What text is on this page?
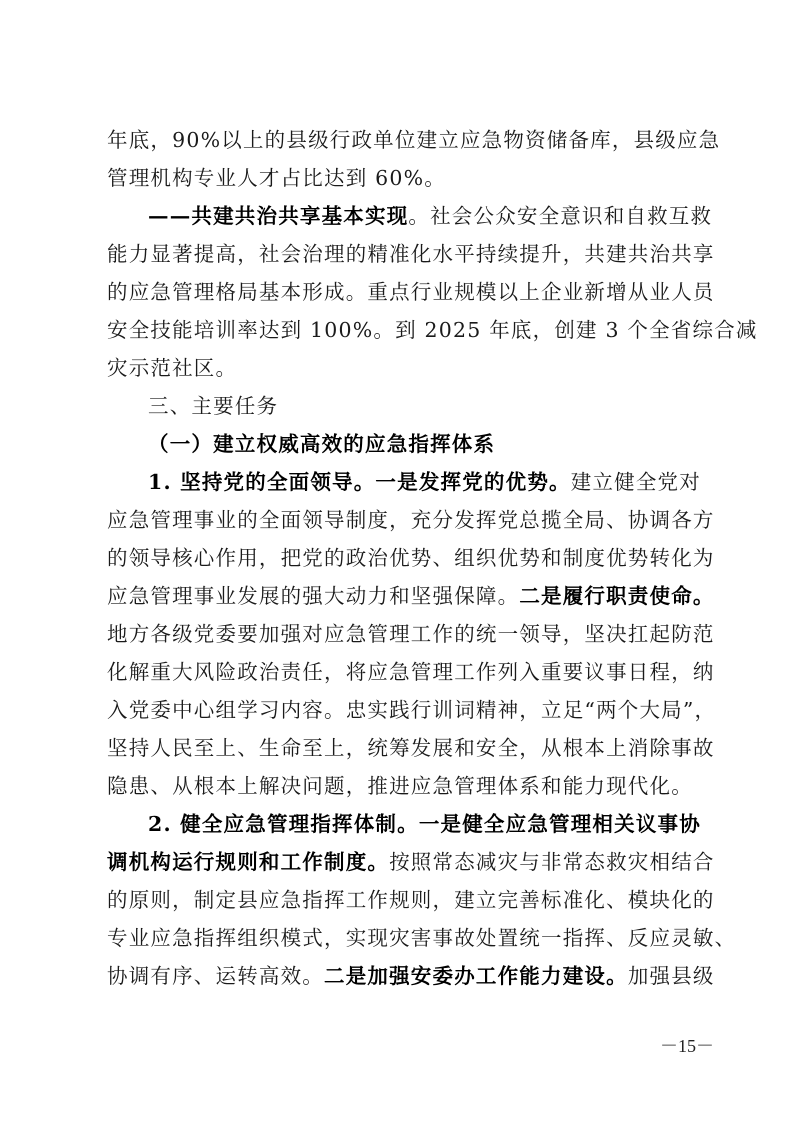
年底，90%以上的县级行政单位建立应急物资储备库，县级应急
管理机构专业人才占比达到 60%。
——共建共治共享基本实现。社会公众安全意识和自救互救
能力显著提高，社会治理的精准化水平持续提升，共建共治共享
的应急管理格局基本形成。重点行业规模以上企业新增从业人员
安全技能培训率达到 100%。到 2025 年底，创建 3 个全省综合减
灾示范社区。
三、主要任务
（一）建立权威高效的应急指挥体系
1. 坚持党的全面领导。一是发挥党的优势。建立健全党对
应急管理事业的全面领导制度，充分发挥党总揽全局、协调各方
的领导核心作用，把党的政治优势、组织优势和制度优势转化为
应急管理事业发展的强大动力和坚强保障。二是履行职责使命。
地方各级党委要加强对应急管理工作的统一领导，坚决扛起防范
化解重大风险政治责任，将应急管理工作列入重要议事日程，纳
入党委中心组学习内容。忠实践行训词精神，立足“两个大局”，
坚持人民至上、生命至上，统筹发展和安全，从根本上消除事故
隐患、从根本上解决问题，推进应急管理体系和能力现代化。
2. 健全应急管理指挥体制。一是健全应急管理相关议事协
调机构运行规则和工作制度。按照常态减灾与非常态救灾相结合
的原则，制定县应急指挥工作规则，建立完善标准化、模块化的
专业应急指挥组织模式，实现灾害事故处置统一指挥、反应灵敏、
协调有序、运转高效。二是加强安委办工作能力建设。加强县级
－15－
